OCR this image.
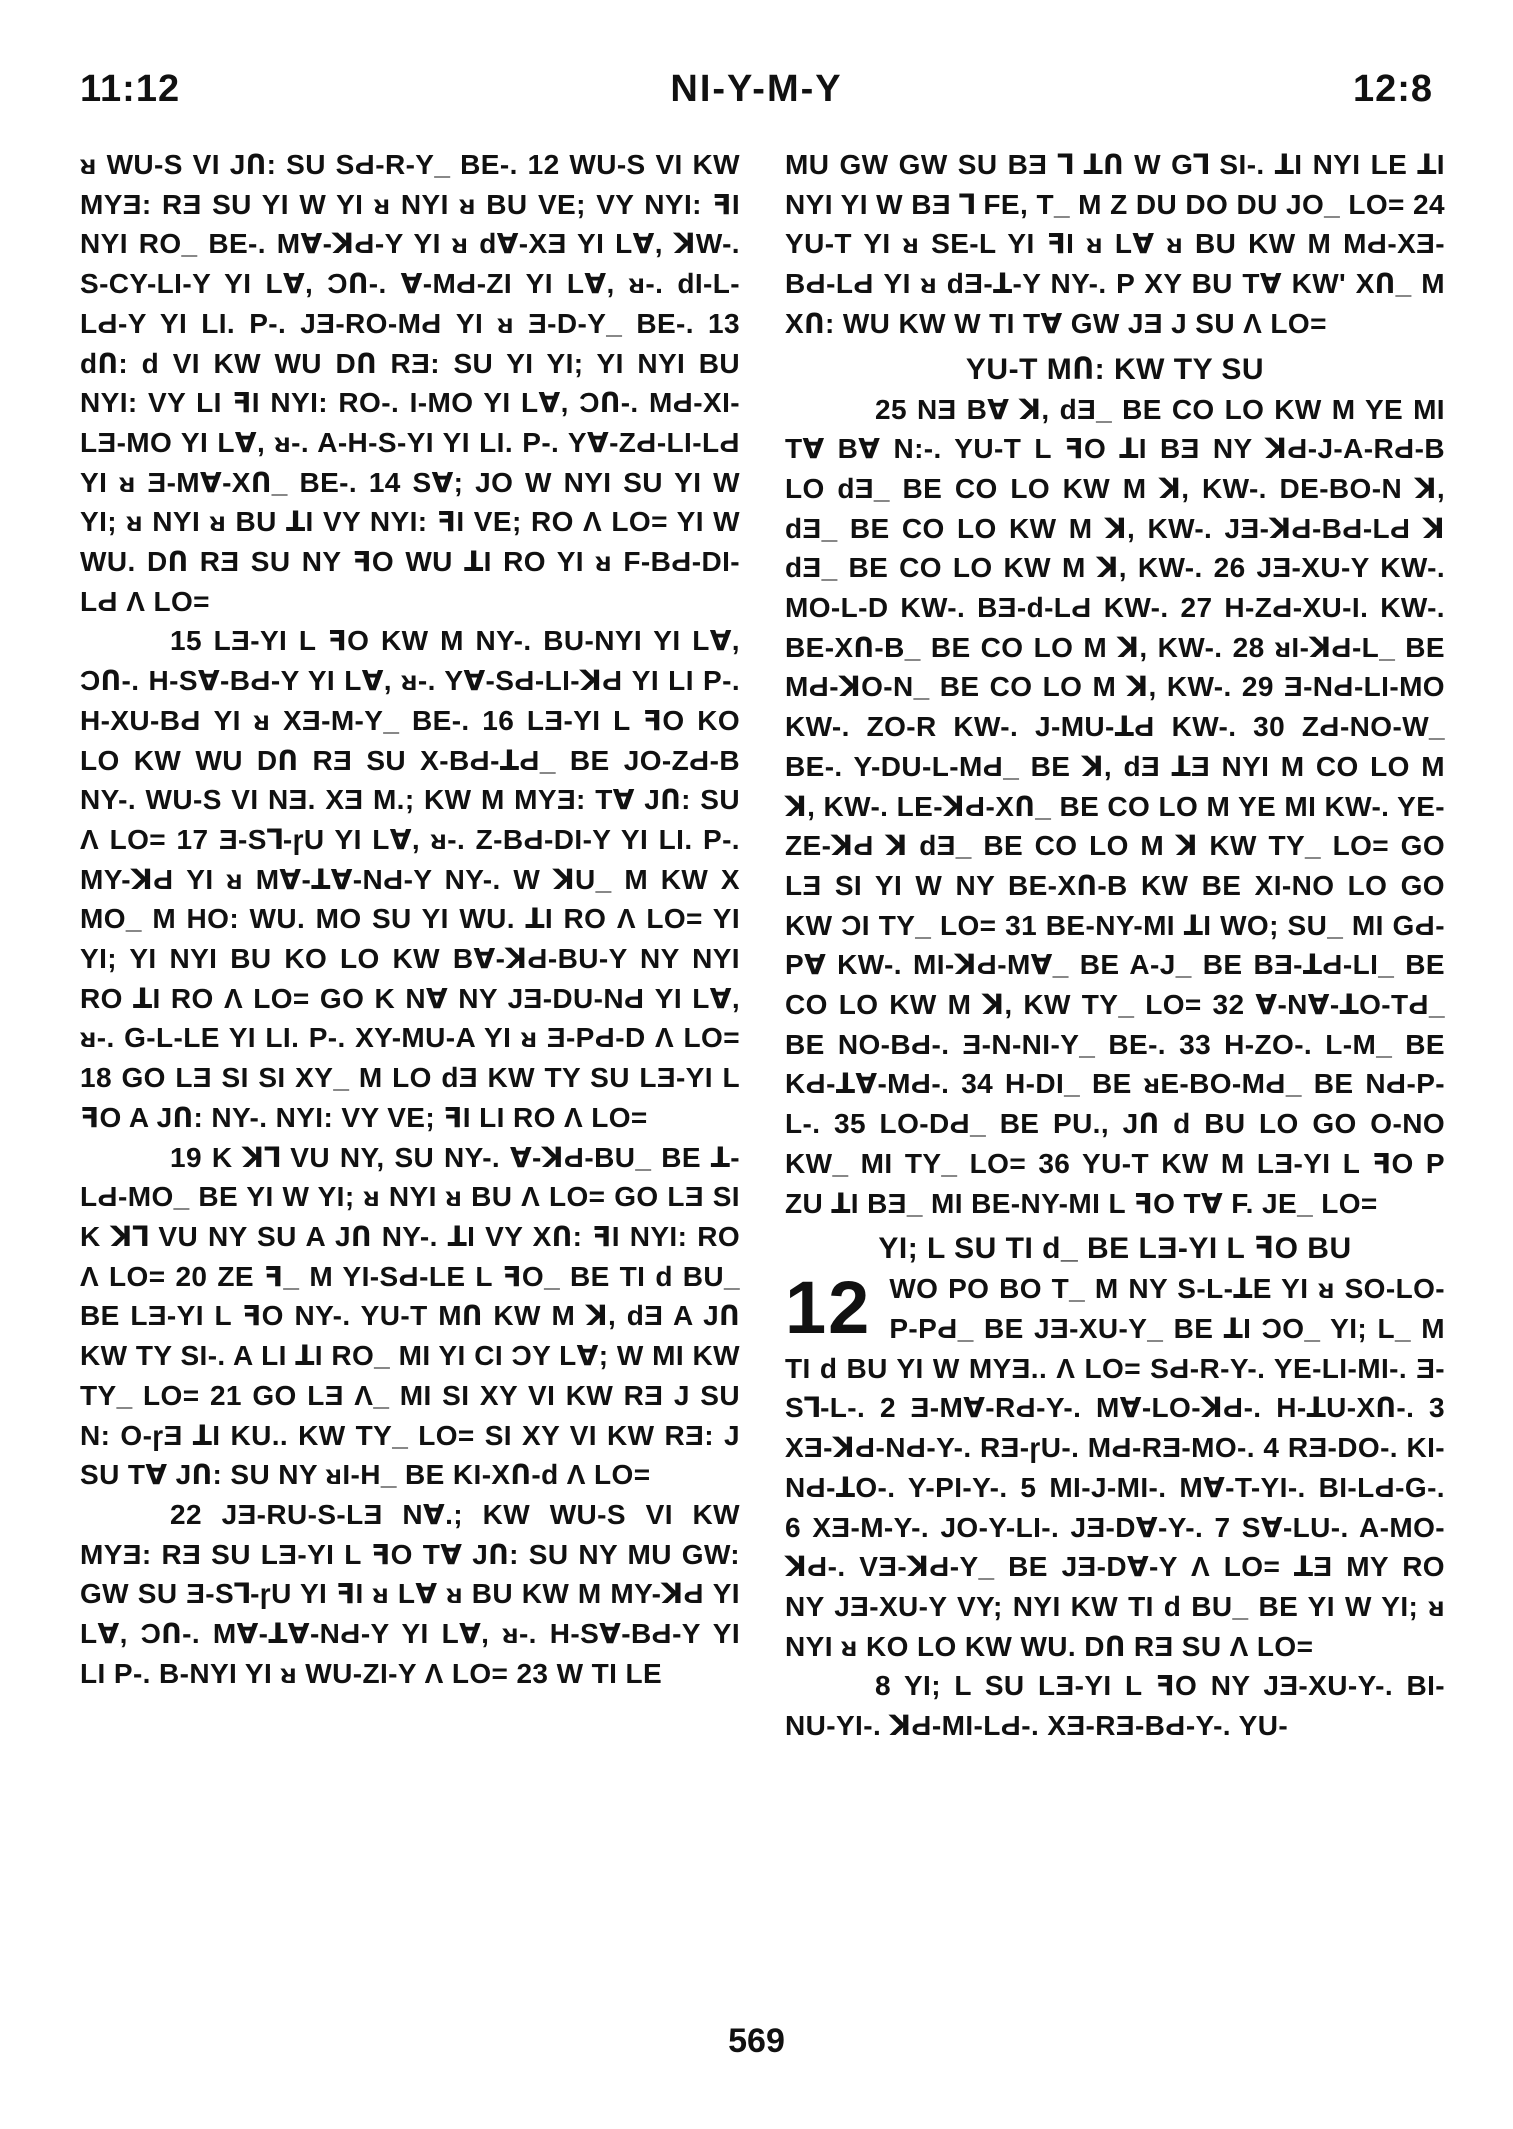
11:12	NI-Y-M-Y	12:8

ᴚ WU-S VI JՈ: SU SԀ-R-Y_ BE-. 12 WU-S VI KW MYƎ: RƎ SU YI W YI ᴚ NYI ᴚ BU VE; VY NYI: ꟻI NYI RO_ BE-. MⱯ-ꓘԀ-Y YI ᴚ ԁⱯ-XƎ YI LⱯ, ꓘW-. S-CY-LI-Y YI LⱯ, ϽՈ-. Ɐ-MԀ-ZI YI LⱯ, ᴚ-. ԁI-L-LԀ-Y YI LI. P-. JƎ-RO-MԀ YI ᴚ Ǝ-D-Y_ BE-. 13 ԁՈ: ԁ VI KW WU DՈ RƎ: SU YI YI; YI NYI BU NYI: VY LI ꟻI NYI: RO-. I-MO YI LⱯ, ϽՈ-. MԀ-XI-LƎ-MO YI LⱯ, ᴚ-. A-H-S-YI YI LI. P-. YⱯ-ZԀ-LI-LԀ YI ᴚ Ǝ-MⱯ-XՈ_ BE-. 14 SⱯ; JO W NYI SU YI W YI; ᴚ NYI ᴚ BU ꓕI VY NYI: ꟻI VE; RO Ʌ LO= YI W WU. DՈ RƎ SU NY ꟻO WU ꓕI RO YI ᴚ F-BԀ-DI-LԀ Ʌ LO=

15 LƎ-YI L ꟻO KW M NY-. BU-NYI YI LⱯ, ϽՈ-. H-SⱯ-BԀ-Y YI LⱯ, ᴚ-. YⱯ-SԀ-LI-ꓘԀ YI LI P-. H-XU-BԀ YI ᴚ XƎ-M-Y_ BE-. 16 LƎ-YI L ꟻO KO LO KW WU DՈ RƎ SU X-BԀ-ꓕԀ_ BE JO-ZԀ-B NY-. WU-S VI NƎ. XƎ M.; KW M MYƎ: TⱯ JՈ: SU Ʌ LO= 17 Ǝ-Sꓶ-ɼU YI LⱯ, ᴚ-. Z-BԀ-DI-Y YI LI. P-. MY-ꓘԀ YI ᴚ MⱯ-ꓕⱯ-NԀ-Y NY-. W ꓘU_ M KW X MO_ M HO: WU. MO SU YI WU. ꓕI RO Ʌ LO= YI YI; YI NYI BU KO LO KW BⱯ-ꓘԀ-BU-Y NY NYI RO ꓕI RO Ʌ LO= GO K NⱯ NY JƎ-DU-NԀ YI LⱯ, ᴚ-. G-L-LE YI LI. P-. XY-MU-A YI ᴚ Ǝ-PԀ-D Ʌ LO= 18 GO LƎ SI SI XY_ M LO ԁƎ KW TY SU LƎ-YI L ꟻO A JՈ: NY-. NYI: VY VE; ꟻI LI RO Ʌ LO=

19 K ꓘꓶ VU NY, SU NY-. Ɐ-ꓘԀ-BU_ BE ꓕ-LԀ-MO_ BE YI W YI; ᴚ NYI ᴚ BU Ʌ LO= GO LƎ SI K ꓘꓶ VU NY SU A JՈ NY-. ꓕI VY XՈ: ꟻI NYI: RO Ʌ LO= 20 ZE ꟻ_ M YI-SԀ-LE L ꟻO_ BE TI ԁ BU_ BE LƎ-YI L ꟻO NY-. YU-T MՈ KW M ꓘ, ԁƎ A JՈ KW TY SI-. A LI ꓕI RO_ MI YI CI ϽY LⱯ; W MI KW TY_ LO= 21 GO LƎ Ʌ_ MI SI XY VI KW RƎ J SU N: O-ɼƎ ꓕI KU.. KW TY_ LO= SI XY VI KW RƎ: J SU TⱯ JՈ: SU NY ᴚI-H_ BE KI-XՈ-ԁ Ʌ LO=

22 JƎ-RU-S-LƎ NⱯ.; KW WU-S VI KW MYƎ: RƎ SU LƎ-YI L ꟻO TⱯ JՈ: SU NY MU GW: GW SU Ǝ-Sꓶ-ɼU YI ꟻI ᴚ LⱯ ᴚ BU KW M MY-ꓘԀ YI LⱯ, ϽՈ-. MⱯ-ꓕⱯ-NԀ-Y YI LⱯ, ᴚ-. H-SⱯ-BԀ-Y YI LI P-. B-NYI YI ᴚ WU-ZI-Y Ʌ LO= 23 W TI LE

MU GW GW SU BƎ ꓶ ꓕՈ W Gꓶ SI-. ꓕI NYI LE ꓕI NYI YI W BƎ ꓶ FE, T_ M Z DU DO DU JO_ LO= 24 YU-T YI ᴚ SE-L YI ꟻI ᴚ LⱯ ᴚ BU KW M MԀ-XƎ-BԀ-LԀ YI ᴚ ԁƎ-ꓕ-Y NY-. P XY BU TⱯ KW' XՈ_ M XՈ: WU KW W TI TⱯ GW JƎ J SU Ʌ LO=

YU-T MՈ: KW TY SU

25 NƎ BⱯ ꓘ, ԁƎ_ BE CO LO KW M YE MI TⱯ BⱯ N:-. YU-T L ꟻO ꓕI BƎ NY ꓘԀ-J-A-RԀ-B LO ԁƎ_ BE CO LO KW M ꓘ, KW-. DE-BO-N ꓘ, ԁƎ_ BE CO LO KW M ꓘ, KW-. JƎ-ꓘԀ-BԀ-LԀ ꓘ ԁƎ_ BE CO LO KW M ꓘ, KW-. 26 JƎ-XU-Y KW-. MO-L-D KW-. BƎ-ԁ-LԀ KW-. 27 H-ZԀ-XU-I. KW-. BE-XՈ-B_ BE CO LO M ꓘ, KW-. 28 ᴚI-ꓘԀ-L_ BE MԀ-ꓘO-N_ BE CO LO M ꓘ, KW-. 29 Ǝ-NԀ-LI-MO KW-. ZO-R KW-. J-MU-ꓕԀ KW-. 30 ZԀ-NO-W_ BE-. Y-DU-L-MԀ_ BE ꓘ, ԁƎ ꓕƎ NYI M CO LO M ꓘ, KW-. LE-ꓘԀ-XՈ_ BE CO LO M YE MI KW-. YE-ZE-ꓘԀ ꓘ ԁƎ_ BE CO LO M ꓘ KW TY_ LO= GO LƎ SI YI W NY BE-XՈ-B KW BE XI-NO LO GO KW ϽI TY_ LO= 31 BE-NY-MI ꓕI WO; SU_ MI GԀ-PⱯ KW-. MI-ꓘԀ-MⱯ_ BE A-J_ BE BƎ-ꓕԀ-LI_ BE CO LO KW M ꓘ, KW TY_ LO= 32 Ɐ-NⱯ-ꓕO-TԀ_ BE NO-BԀ-. Ǝ-N-NI-Y_ BE-. 33 H-ZO-. L-M_ BE KԀ-ꓕⱯ-MԀ-. 34 H-DI_ BE ᴚE-BO-MԀ_ BE NԀ-P-L-. 35 LO-DԀ_ BE PU., JՈ ԁ BU LO GO O-NO KW_ MI TY_ LO= 36 YU-T KW M LƎ-YI L ꟻO P ZU ꓕI BƎ_ MI BE-NY-MI L ꟻO TⱯ F. JE_ LO=

YI; L SU TI ԁ_ BE LƎ-YI L ꟻO BU
12 WO PO BO T_ M NY S-L-ꓕE YI ᴚ SO-LO-P-PԀ_ BE JƎ-XU-Y_ BE ꓕI ϽO_ YI; L_ M TI ԁ BU YI W MYƎ.. Ʌ LO= SԀ-R-Y-. YE-LI-MI-. Ǝ-Sꓶ-L-. 2 Ǝ-MⱯ-RԀ-Y-. MⱯ-LO-ꓘԀ-. H-ꓕU-XՈ-. 3 XƎ-ꓘԀ-NԀ-Y-. RƎ-ɼU-. MԀ-RƎ-MO-. 4 RƎ-DO-. KI-NԀ-ꓕO-. Y-PI-Y-. 5 MI-J-MI-. MⱯ-T-YI-. BI-LԀ-G-. 6 XƎ-M-Y-. JO-Y-LI-. JƎ-DⱯ-Y-. 7 SⱯ-LU-. A-MO-ꓘԀ-. VƎ-ꓘԀ-Y_ BE JƎ-DⱯ-Y Ʌ LO= ꓕƎ MY RO NY JƎ-XU-Y VY; NYI KW TI ԁ BU_ BE YI W YI; ᴚ NYI ᴚ KO LO KW WU. DՈ RƎ SU Ʌ LO=

8 YI; L SU LƎ-YI L ꟻO NY JƎ-XU-Y-. BI-NU-YI-. ꓘԀ-MI-LԀ-. XƎ-RƎ-BԀ-Y-. YU-

569
